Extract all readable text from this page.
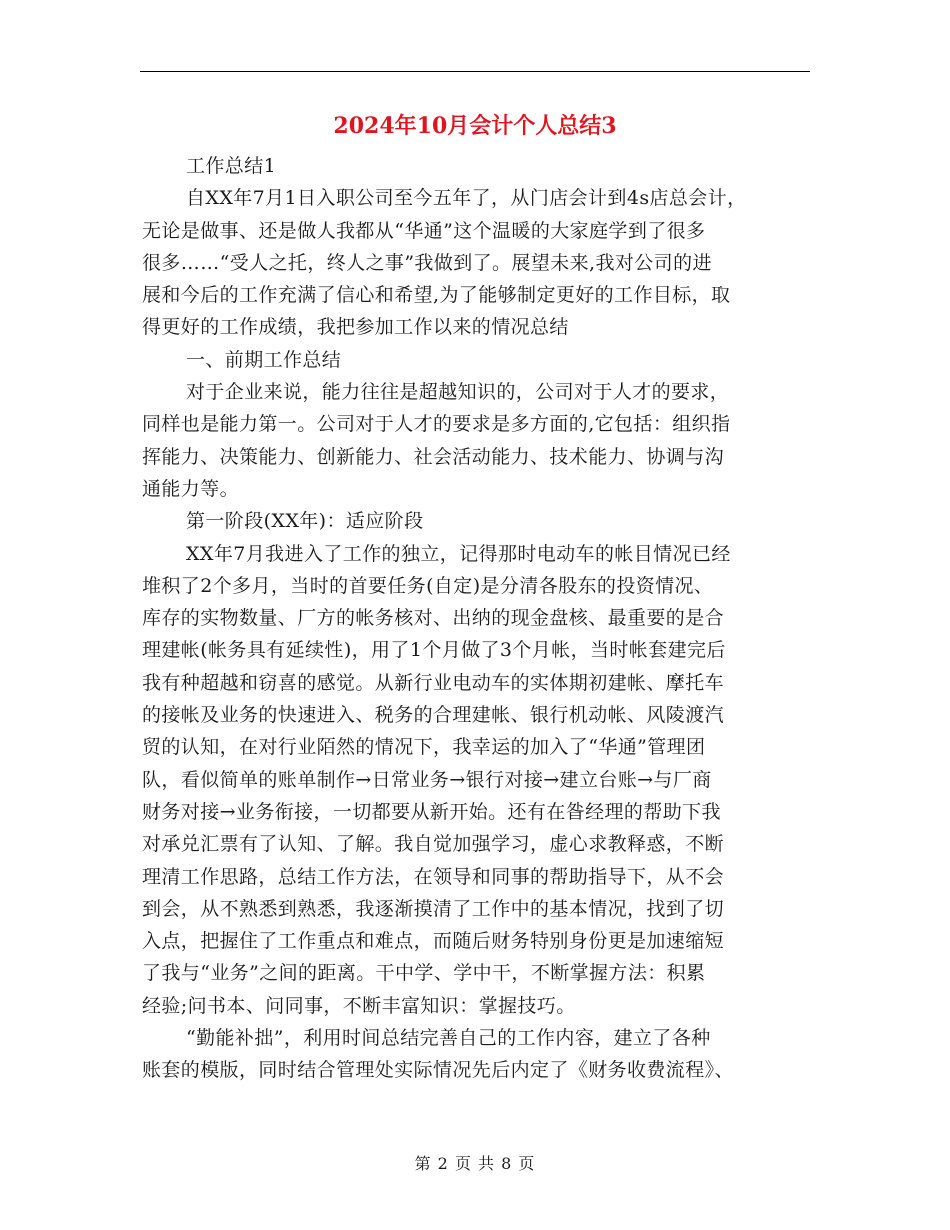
2024年10月会计个人总结3
工作总结1
自XX年7月1日入职公司至今五年了，从门店会计到4s店总会计，
无论是做事、还是做人我都从“华通”这个温暖的大家庭学到了很多
很多……“受人之托，终人之事”我做到了。展望未来,我对公司的进
展和今后的工作充满了信心和希望,为了能够制定更好的工作目标，取
得更好的工作成绩，我把参加工作以来的情况总结
一、前期工作总结
对于企业来说，能力往往是超越知识的，公司对于人才的要求，
同样也是能力第一。公司对于人才的要求是多方面的,它包括：组织指
挥能力、决策能力、创新能力、社会活动能力、技术能力、协调与沟
通能力等。
第一阶段(XX年)：适应阶段
XX年7月我进入了工作的独立，记得那时电动车的帐目情况已经
堆积了2个多月，当时的首要任务(自定)是分清各股东的投资情况、
库存的实物数量、厂方的帐务核对、出纳的现金盘核、最重要的是合
理建帐(帐务具有延续性)，用了1个月做了3个月帐，当时帐套建完后
我有种超越和窃喜的感觉。从新行业电动车的实体期初建帐、摩托车
的接帐及业务的快速进入、税务的合理建帐、银行机动帐、风陵渡汽
贸的认知，在对行业陌然的情况下，我幸运的加入了“华通”管理团
队，看似简单的账单制作→日常业务→银行对接→建立台账→与厂商
财务对接→业务衔接，一切都要从新开始。还有在昝经理的帮助下我
对承兑汇票有了认知、了解。我自觉加强学习，虚心求教释惑，不断
理清工作思路，总结工作方法，在领导和同事的帮助指导下，从不会
到会，从不熟悉到熟悉，我逐渐摸清了工作中的基本情况，找到了切
入点，把握住了工作重点和难点，而随后财务特别身份更是加速缩短
了我与“业务”之间的距离。干中学、学中干，不断掌握方法：积累
经验;问书本、问同事，不断丰富知识：掌握技巧。
“勤能补拙”，利用时间总结完善自己的工作内容，建立了各种
账套的模版，同时结合管理处实际情况先后内定了《财务收费流程》、
第 2 页 共 8 页
